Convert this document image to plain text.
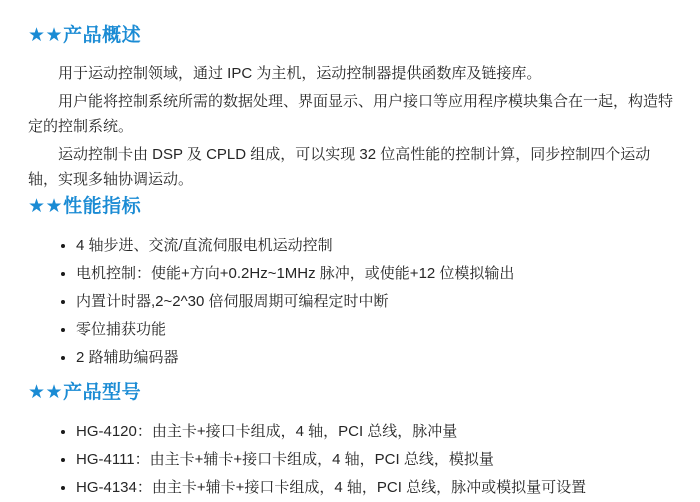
★★产品概述

用于运动控制领域，通过 IPC 为主机，运动控制器提供函数库及链接库。

用户能将控制系统所需的数据处理、界面显示、用户接口等应用程序模块集合在一起，构造特定的控制系统。

运动控制卡由 DSP 及 CPLD 组成，可以实现 32 位高性能的控制计算，同步控制四个运动轴，实现多轴协调运动。

★★性能指标
• 4 轴步进、交流/直流伺服电机运动控制
• 电机控制：使能+方向+0.2Hz~1MHz 脉冲，或使能+12 位模拟输出
• 内置计时器,2~2^30 倍伺服周期可编程定时中断
• 零位捕获功能
• 2 路辅助编码器
★★产品型号
• HG-4120：由主卡+接口卡组成，4 轴，PCI 总线，脉冲量
• HG-4111：由主卡+辅卡+接口卡组成，4 轴，PCI 总线，模拟量
• HG-4134：由主卡+辅卡+接口卡组成，4 轴，PCI 总线，脉冲或模拟量可设置
